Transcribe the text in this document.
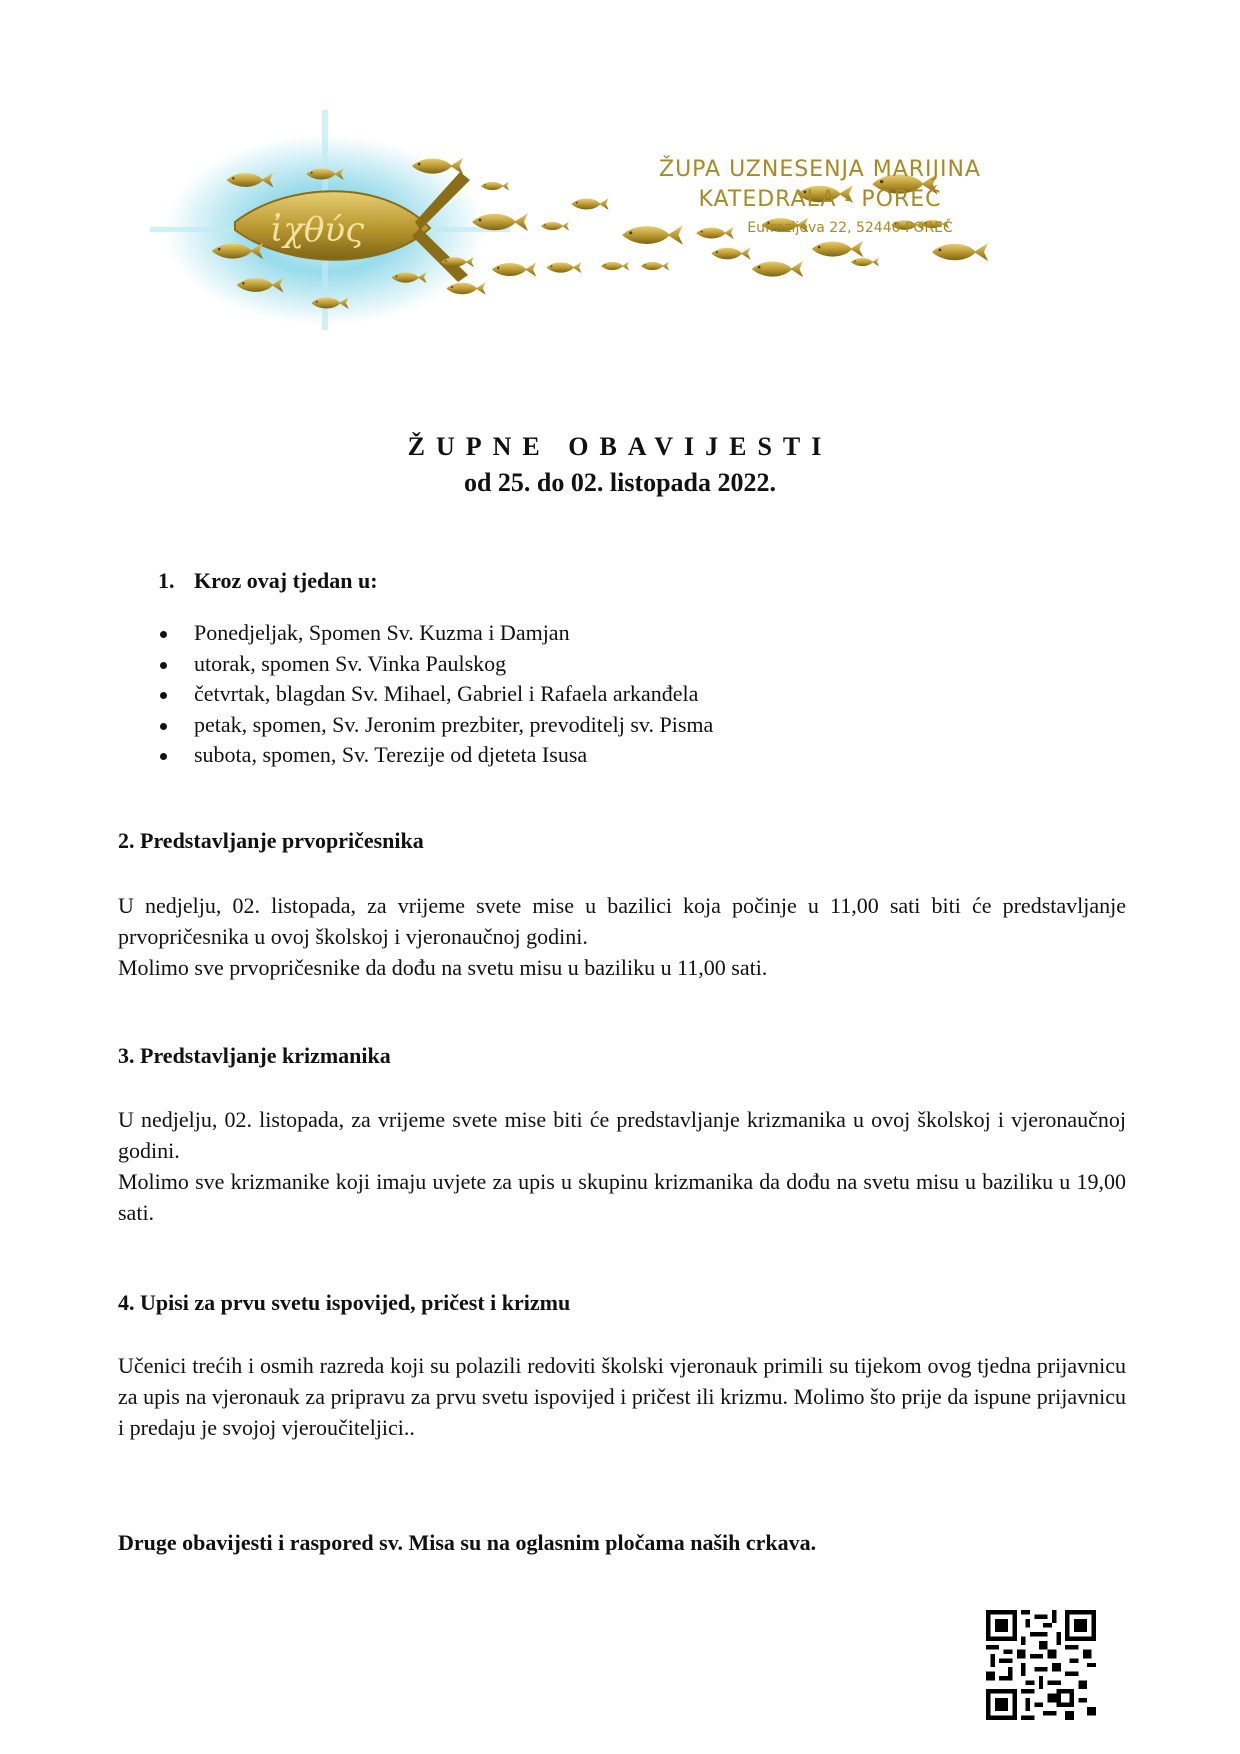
ἰχθύς
ŽUPA UZNESENJA MARIJINA
KATEDRALA - POREČ
Eufrazijeva 22, 52440 POREČ
ŽUPNE OBAVIJESTI
od 25. do 02. listopada 2022.
1. Kroz ovaj tjedan u:
Ponedjeljak, Spomen Sv. Kuzma i Damjan
utorak, spomen Sv. Vinka Paulskog
četvrtak, blagdan Sv. Mihael, Gabriel i Rafaela arkanđela
petak, spomen, Sv. Jeronim prezbiter, prevoditelj sv. Pisma
subota, spomen, Sv. Terezije od djeteta Isusa
2. Predstavljanje prvopričesnika

U nedjelju, 02. listopada, za vrijeme svete mise u bazilici koja počinje u 11,00 sati biti će predstavljanje prvopričesnika u ovoj školskoj i vjeronaučnoj godini.

Molimo sve prvopričesnike da dođu na svetu misu u baziliku u 11,00 sati.

3. Predstavljanje krizmanika

U nedjelju, 02. listopada, za vrijeme svete mise biti će predstavljanje krizmanika u ovoj školskoj i vjeronaučnoj godini.

Molimo sve krizmanike koji imaju uvjete za upis u skupinu krizmanika da dođu na svetu misu u baziliku u 19,00 sati.

4. Upisi za prvu svetu ispovijed, pričest i krizmu

Učenici trećih i osmih razreda koji su polazili redoviti školski vjeronauk primili su tijekom ovog tjedna prijavnicu za upis na vjeronauk za pripravu za prvu svetu ispovijed i pričest ili krizmu. Molimo što prije da ispune prijavnicu i predaju je svojoj vjeroučiteljici..

Druge obavijesti i raspored sv. Misa su na oglasnim pločama naših crkava.
